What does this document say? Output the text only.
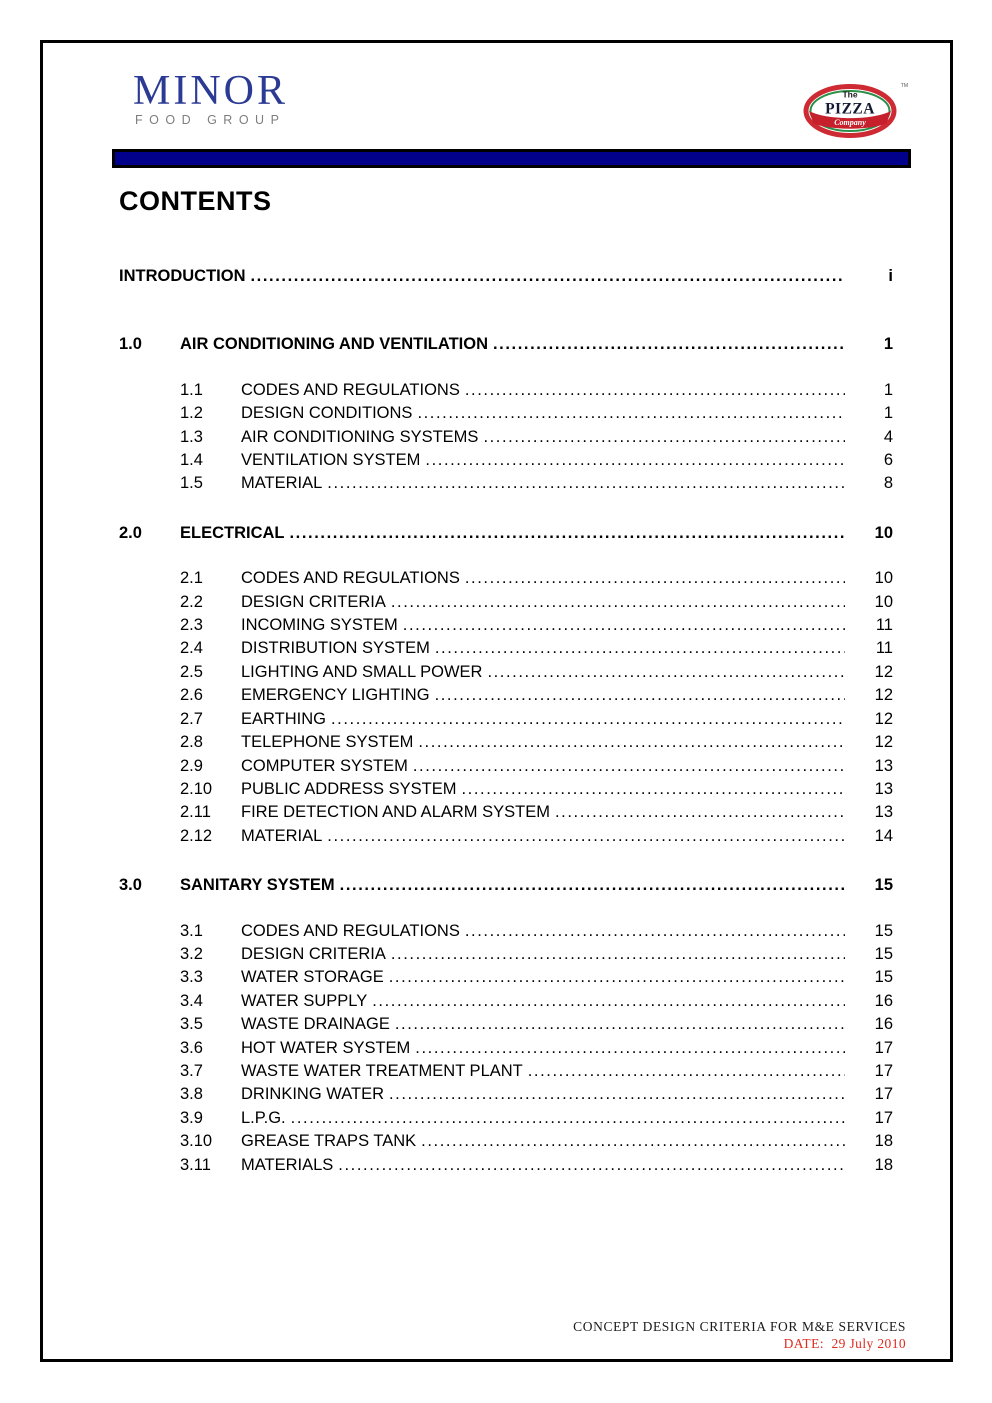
MINOR
FOOD GROUP
TM
The
PIZZA
Company
CONTENTS
INTRODUCTION .....	i
1.0	AIR CONDITIONING AND VENTILATION .....	1
1.1	CODES AND REGULATIONS .....	1
1.2	DESIGN CONDITIONS .....	1
1.3	AIR CONDITIONING SYSTEMS .....	4
1.4	VENTILATION SYSTEM .....	6
1.5	MATERIAL .....	8
2.0	ELECTRICAL .....	10
2.1	CODES AND REGULATIONS .....	10
2.2	DESIGN CRITERIA .....	10
2.3	INCOMING SYSTEM .....	11
2.4	DISTRIBUTION SYSTEM .....	11
2.5	LIGHTING AND SMALL POWER .....	12
2.6	EMERGENCY LIGHTING .....	12
2.7	EARTHING .....	12
2.8	TELEPHONE SYSTEM .....	12
2.9	COMPUTER SYSTEM .....	13
2.10	PUBLIC ADDRESS SYSTEM .....	13
2.11	FIRE DETECTION AND ALARM SYSTEM .....	13
2.12	MATERIAL .....	14
3.0	SANITARY SYSTEM .....	15
3.1	CODES AND REGULATIONS .....	15
3.2	DESIGN CRITERIA .....	15
3.3	WATER STORAGE .....	15
3.4	WATER SUPPLY .....	16
3.5	WASTE DRAINAGE .....	16
3.6	HOT WATER SYSTEM .....	17
3.7	WASTE WATER TREATMENT PLANT .....	17
3.8	DRINKING WATER .....	17
3.9	L.P.G. .....	17
3.10	GREASE TRAPS TANK .....	18
3.11	MATERIALS .....	18
CONCEPT DESIGN CRITERIA FOR M&E SERVICES
DATE: 29 July 2010
